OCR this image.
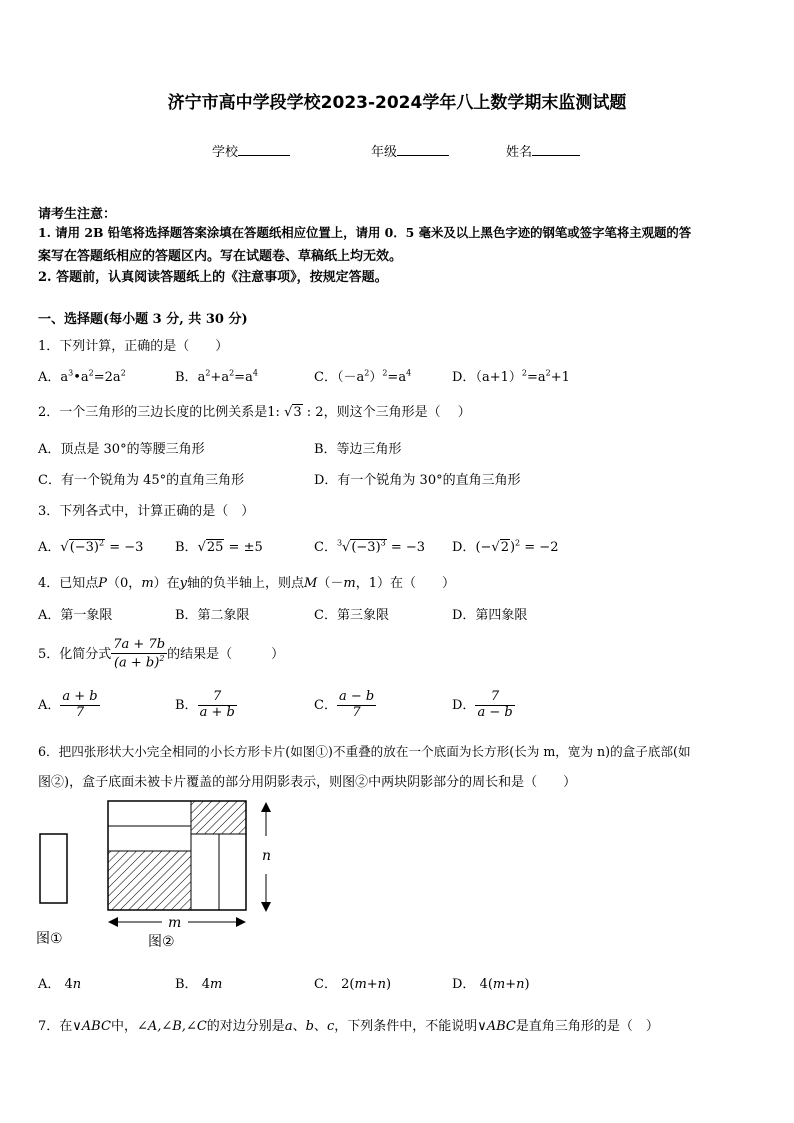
济宁市高中学段学校2023-2024学年八上数学期末监测试题
学校	年级	姓名
请考生注意：
1. 请用 2B 铅笔将选择题答案涂填在答题纸相应位置上，请用 0．5 毫米及以上黑色字迹的钢笔或签字笔将主观题的答
案写在答题纸相应的答题区内。写在试题卷、草稿纸上均无效。
2. 答题前，认真阅读答题纸上的《注意事项》，按规定答题。
一、选择题(每小题 3 分, 共 30 分)
1．下列计算，正确的是（　　）
A．$a^3•a^2=2a^2$	B．$a^2+a^2=a^4$	C．$(-a^2)^2=a^4$	D．$(a+1)^2=a^2+1$
2．一个三角形的三边长度的比例关系是1: √3 : 2，则这个三角形是（　 ）
A．顶点是 30°的等腰三角形	B．等边三角形
C．有一个锐角为 45°的直角三角形	D．有一个锐角为 30°的直角三角形
3．下列各式中，计算正确的是（　）
A．$√(-3)^2 = -3$ B．√25 = ±5	C．$^3√(-3)^3 = -3$ D．$(-√2)^2 = -2$
4．已知点P（0，m）在y轴的负半轴上，则点M（－m，1）在（　　）
A．第一象限	B．第二象限	C．第三象限	D．第四象限
5．化简分式 $\frac{7a + 7b}{(a + b)^2}$ 的结果是（　　　）
A． $\frac{a + b}{7}$	B． $\frac{7}{a + b}$	C． $\frac{a - b}{7}$	D． $\frac{7}{a - b}$
6．把四张形状大小完全相同的小长方形卡片(如图①)不重叠的放在一个底面为长方形(长为 m，宽为 n)的盒子底部(如
图②)，盒子底面未被卡片覆盖的部分用阴影表示，则图②中两块阴影部分的周长和是（　　）
图①
n
m
图②
A． 4n	B． 4m	C． 2(m+n)	D． 4(m+n)
7．在∨ABC中，∠A,∠B,∠C的对边分别是a、b、c，下列条件中，不能说明∨ABC是直角三角形的是（　）
